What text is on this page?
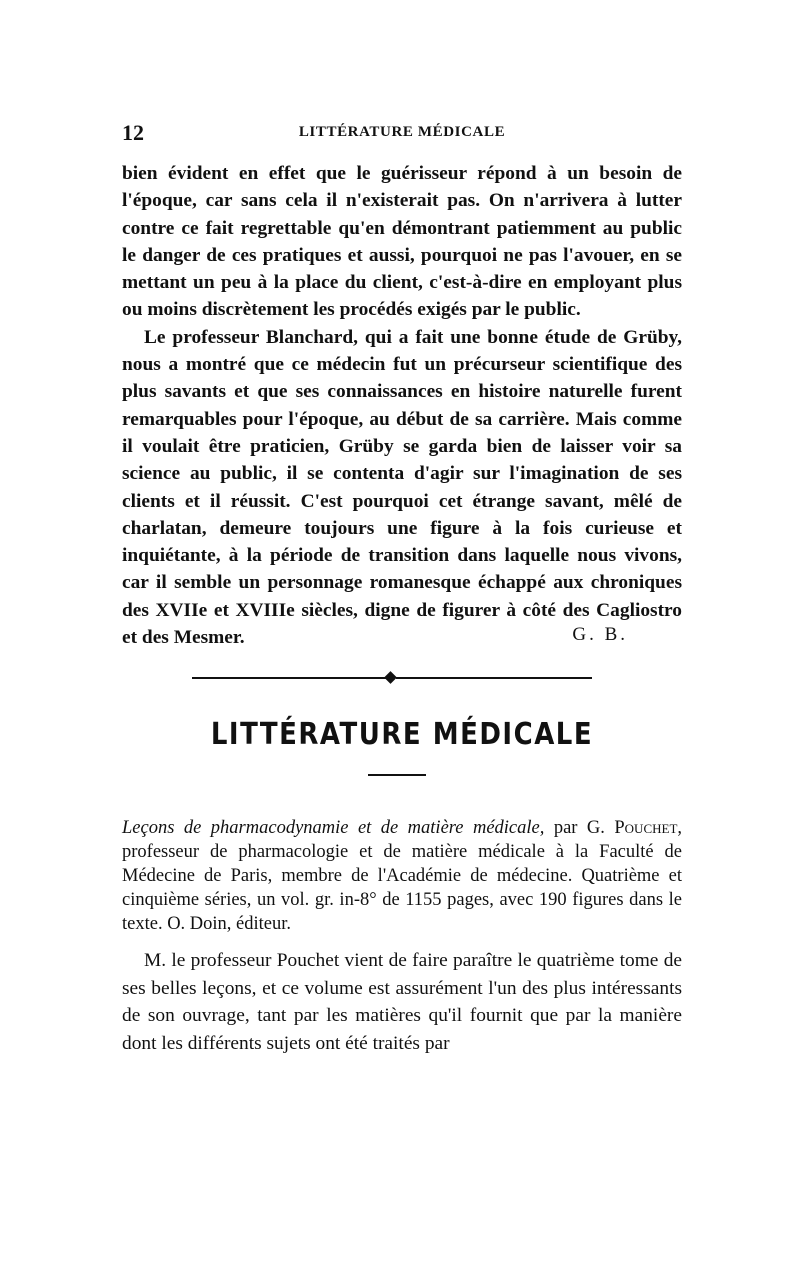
12	LITTÉRATURE MÉDICALE

bien évident en effet que le guérisseur répond à un besoin de l'époque, car sans cela il n'existerait pas. On n'arrivera à lutter contre ce fait regrettable qu'en démontrant patiemment au public le danger de ces pratiques et aussi, pourquoi ne pas l'avouer, en se mettant un peu à la place du client, c'est-à-dire en employant plus ou moins discrètement les procédés exigés par le public.

Le professeur Blanchard, qui a fait une bonne étude de Grüby, nous a montré que ce médecin fut un précurseur scientifique des plus savants et que ses connaissances en histoire naturelle furent remarquables pour l'époque, au début de sa carrière. Mais comme il voulait être praticien, Grüby se garda bien de laisser voir sa science au public, il se contenta d'agir sur l'imagination de ses clients et il réussit. C'est pourquoi cet étrange savant, mêlé de charlatan, demeure toujours une figure à la fois curieuse et inquiétante, à la période de transition dans laquelle nous vivons, car il semble un personnage romanesque échappé aux chroniques des XVIIe et XVIIIe siècles, digne de figurer à côté des Cagliostro et des Mesmer.	G. B.
LITTÉRATURE MÉDICALE

Leçons de pharmacodynamie et de matière médicale, par G. Pouchet, professeur de pharmacologie et de matière médicale à la Faculté de Médecine de Paris, membre de l'Académie de médecine. Quatrième et cinquième séries, un vol. gr. in-8° de 1155 pages, avec 190 figures dans le texte. O. Doin, éditeur.

M. le professeur Pouchet vient de faire paraître le quatrième tome de ses belles leçons, et ce volume est assurément l'un des plus intéressants de son ouvrage, tant par les matières qu'il fournit que par la manière dont les différents sujets ont été traités par
